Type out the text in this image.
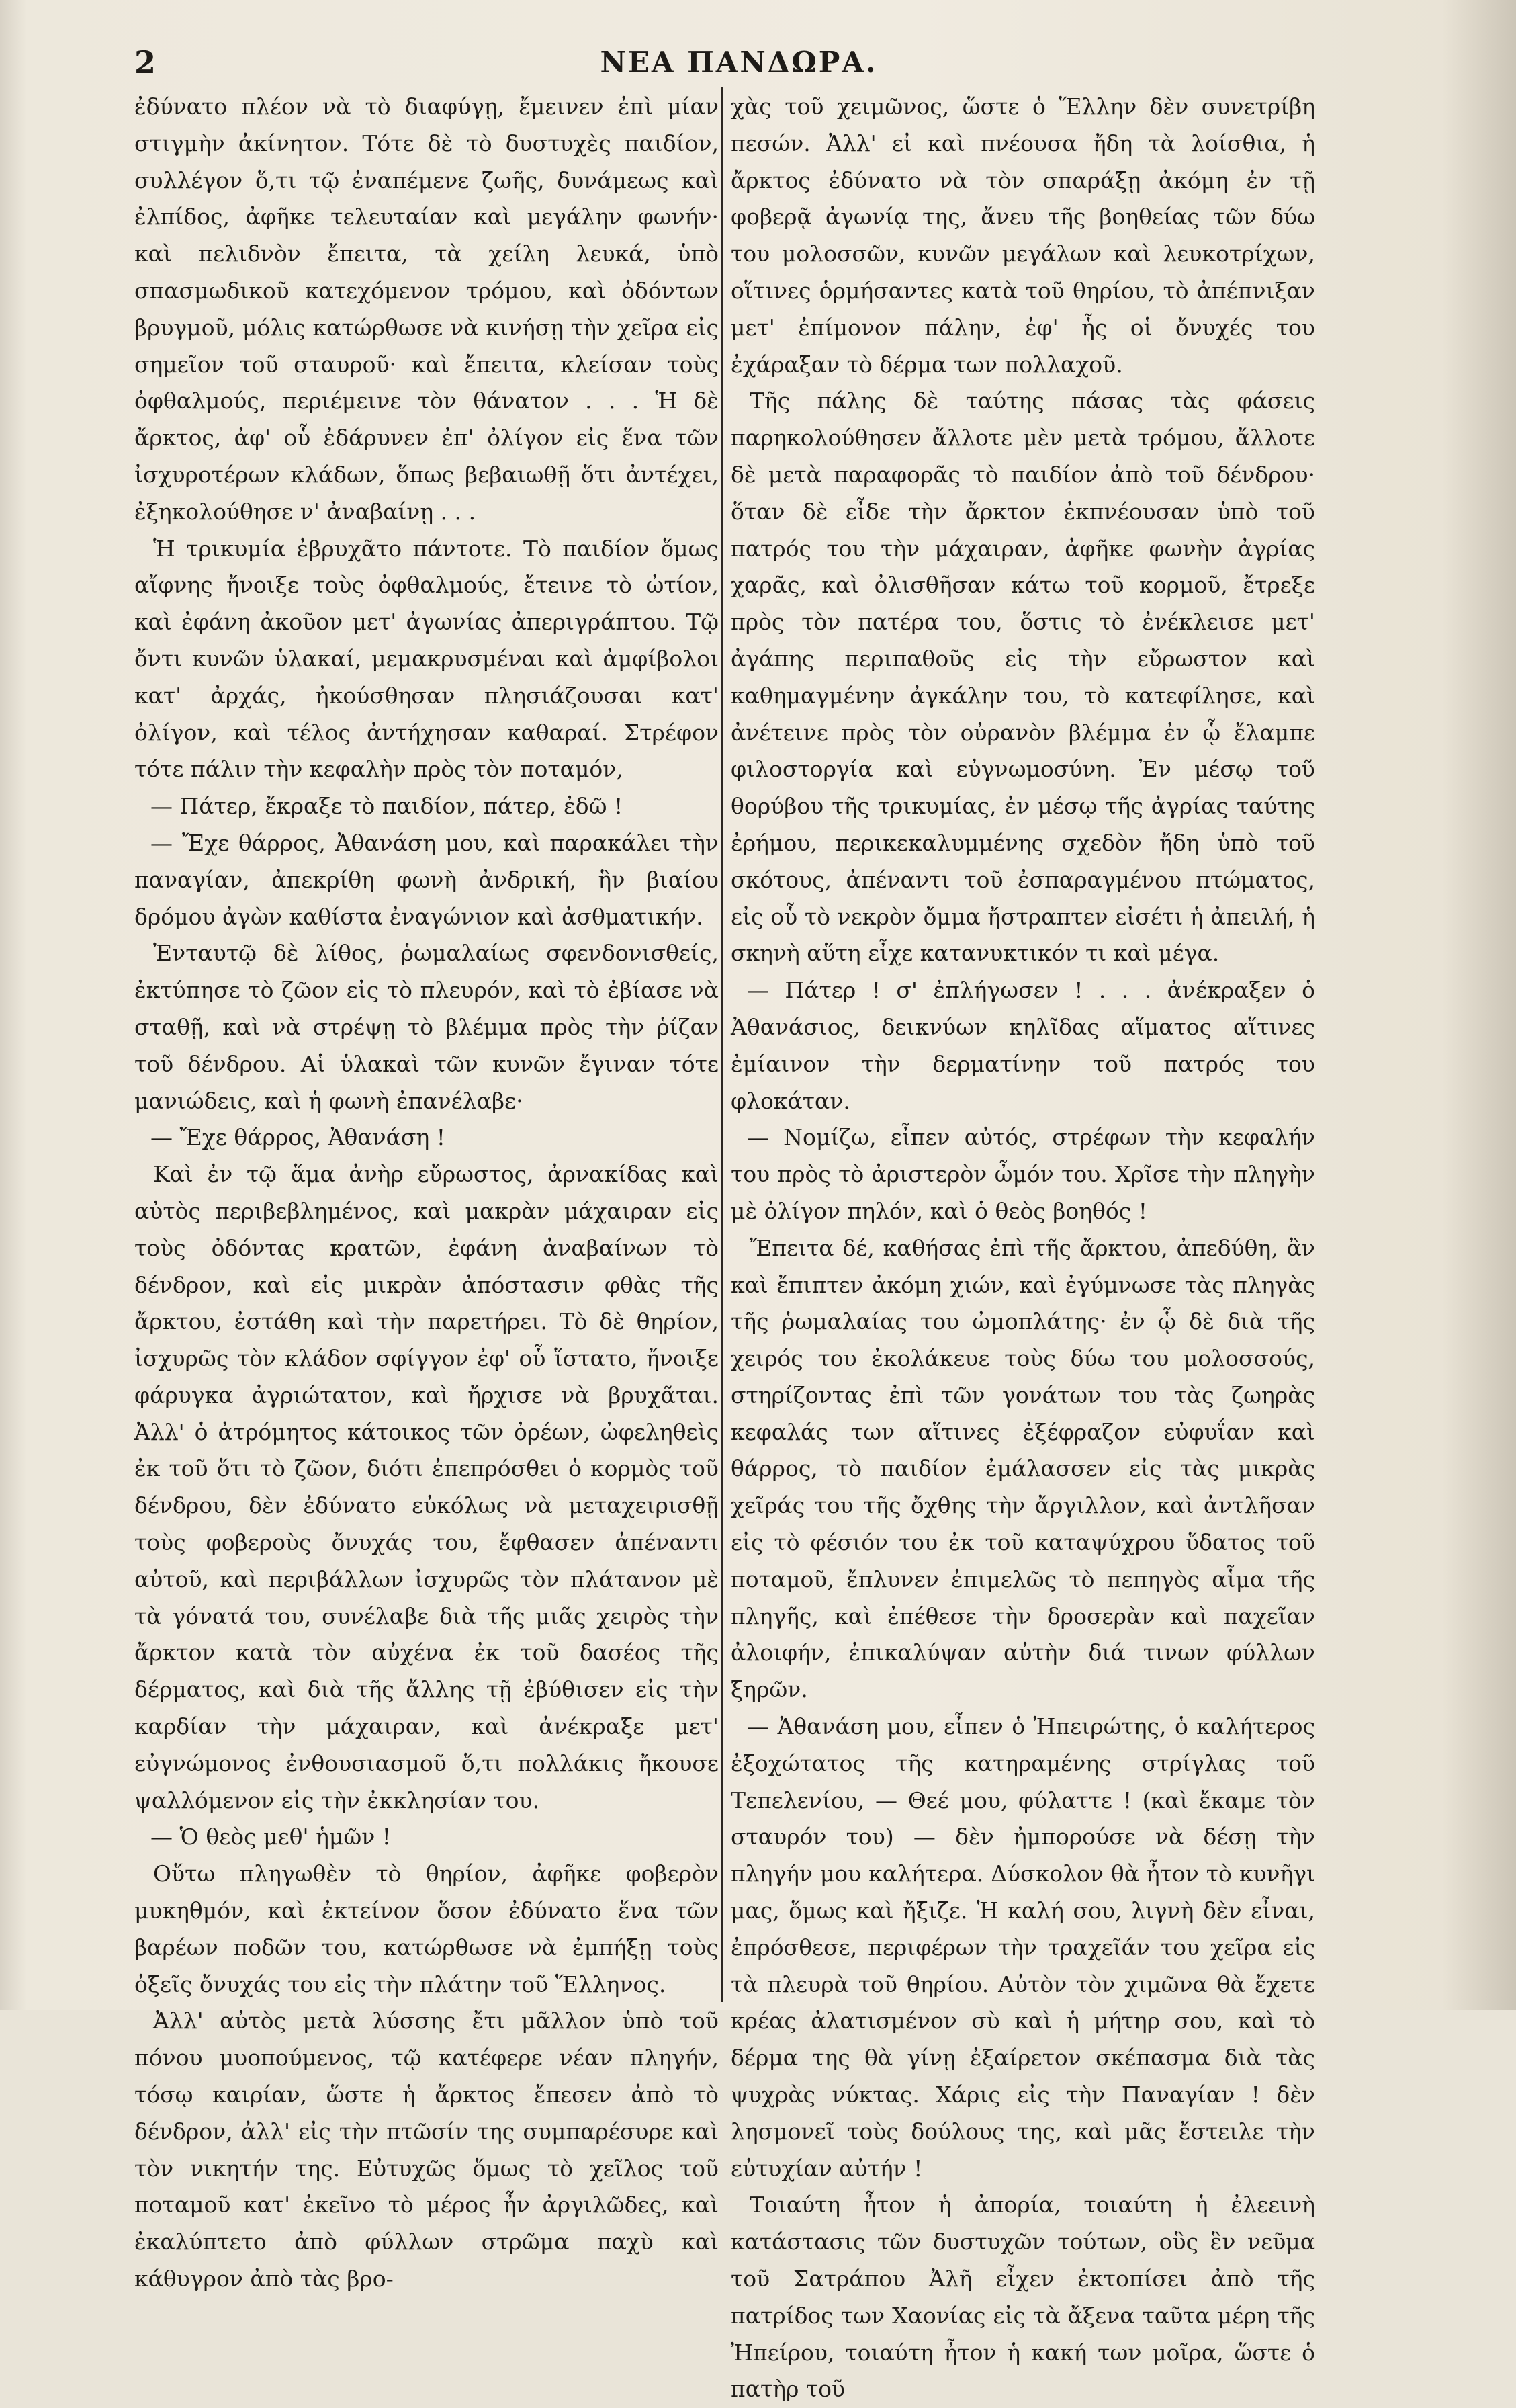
2	ΝΕΑ ΠΑΝΔΩΡΑ.

ἐδύνατο πλέον νὰ τὸ διαφύγῃ, ἔμεινεν ἐπὶ μίαν στιγμὴν ἀκίνητον. Τότε δὲ τὸ δυστυχὲς παιδίον, συλλέγον ὅ,τι τῷ ἐναπέμενε ζωῆς, δυνάμεως καὶ ἐλπίδος, ἀφῆκε τελευταίαν καὶ μεγάλην φωνήν· καὶ πελιδνὸν ἔπειτα, τὰ χείλη λευκά, ὑπὸ σπασμωδικοῦ κατεχόμενον τρόμου, καὶ ὀδόντων βρυγμοῦ, μόλις κατώρθωσε νὰ κινήσῃ τὴν χεῖρα εἰς σημεῖον τοῦ σταυροῦ· καὶ ἔπειτα, κλείσαν τοὺς ὀφθαλμούς, περιέμεινε τὸν θάνατον . . . Ἡ δὲ ἄρκτος, ἀφ' οὗ ἐδάρυνεν ἐπ' ὀλίγον εἰς ἕνα τῶν ἰσχυροτέρων κλάδων, ὅπως βεβαιωθῇ ὅτι ἀντέχει, ἐξηκολούθησε ν' ἀναβαίνῃ . . .

Ἡ τρικυμία ἐβρυχᾶτο πάντοτε. Τὸ παιδίον ὅμως αἴφνης ἤνοιξε τοὺς ὀφθαλμούς, ἔτεινε τὸ ὠτίον, καὶ ἐφάνη ἀκοῦον μετ' ἀγωνίας ἀπεριγράπτου. Τῷ ὄντι κυνῶν ὑλακαί, μεμακρυσμέναι καὶ ἀμφίβολοι κατ' ἀρχάς, ἠκούσθησαν πλησιάζουσαι κατ' ὀλίγον, καὶ τέλος ἀντήχησαν καθαραί. Στρέφον τότε πάλιν τὴν κεφαλὴν πρὸς τὸν ποταμόν,

— Πάτερ, ἔκραξε τὸ παιδίον, πάτερ, ἐδῶ !

— Ἔχε θάρρος, Ἀθανάση μου, καὶ παρακάλει τὴν παναγίαν, ἀπεκρίθη φωνὴ ἀνδρική, ἣν βιαίου δρόμου ἀγὼν καθίστα ἐναγώνιον καὶ ἀσθματικήν.

Ἐνταυτῷ δὲ λίθος, ῥωμαλαίως σφενδονισθείς, ἐκτύπησε τὸ ζῶον εἰς τὸ πλευρόν, καὶ τὸ ἐβίασε νὰ σταθῇ, καὶ νὰ στρέψῃ τὸ βλέμμα πρὸς τὴν ῥίζαν τοῦ δένδρου. Αἱ ὑλακαὶ τῶν κυνῶν ἔγιναν τότε μανιώδεις, καὶ ἡ φωνὴ ἐπανέλαβε·

— Ἔχε θάρρος, Ἀθανάση !

Καὶ ἐν τῷ ἅμα ἀνὴρ εὔρωστος, ἀρνακίδας καὶ αὐτὸς περιβεβλημένος, καὶ μακρὰν μάχαιραν εἰς τοὺς ὀδόντας κρατῶν, ἐφάνη ἀναβαίνων τὸ δένδρον, καὶ εἰς μικρὰν ἀπόστασιν φθὰς τῆς ἄρκτου, ἐστάθη καὶ τὴν παρετήρει. Τὸ δὲ θηρίον, ἰσχυρῶς τὸν κλάδον σφίγγον ἐφ' οὗ ἵστατο, ἤνοιξε φάρυγκα ἀγριώτατον, καὶ ἤρχισε νὰ βρυχᾶται. Ἀλλ' ὁ ἀτρόμητος κάτοικος τῶν ὀρέων, ὠφεληθεὶς ἐκ τοῦ ὅτι τὸ ζῶον, διότι ἐπεπρόσθει ὁ κορμὸς τοῦ δένδρου, δὲν ἐδύνατο εὐκόλως νὰ μεταχειρισθῇ τοὺς φοβεροὺς ὄνυχάς του, ἔφθασεν ἀπέναντι αὐτοῦ, καὶ περιβάλλων ἰσχυρῶς τὸν πλάτανον μὲ τὰ γόνατά του, συνέλαβε διὰ τῆς μιᾶς χειρὸς τὴν ἄρκτον κατὰ τὸν αὐχένα ἐκ τοῦ δασέος τῆς δέρματος, καὶ διὰ τῆς ἄλλης τῇ ἐβύθισεν εἰς τὴν καρδίαν τὴν μάχαιραν, καὶ ἀνέκραξε μετ' εὐγνώμονος ἐνθουσιασμοῦ ὅ,τι πολλάκις ἤκουσε ψαλλόμενον εἰς τὴν ἐκκλησίαν του.

— Ὁ θεὸς μεθ' ἡμῶν !

Οὕτω πληγωθὲν τὸ θηρίον, ἀφῆκε φοβερὸν μυκηθμόν, καὶ ἐκτείνον ὅσον ἐδύνατο ἕνα τῶν βαρέων ποδῶν του, κατώρθωσε νὰ ἐμπήξῃ τοὺς ὀξεῖς ὄνυχάς του εἰς τὴν πλάτην τοῦ Ἕλληνος.

Ἀλλ' αὐτὸς μετὰ λύσσης ἔτι μᾶλλον ὑπὸ τοῦ πόνου μυοπούμενος, τῷ κατέφερε νέαν πληγήν, τόσῳ καιρίαν, ὥστε ἡ ἄρκτος ἔπεσεν ἀπὸ τὸ δένδρον, ἀλλ' εἰς τὴν πτῶσίν της συμπαρέσυρε καὶ τὸν νικητήν της. Εὐτυχῶς ὅμως τὸ χεῖλος τοῦ ποταμοῦ κατ' ἐκεῖνο τὸ μέρος ἦν ἀργιλῶδες, καὶ ἐκαλύπτετο ἀπὸ φύλλων στρῶμα παχὺ καὶ κάθυγρον ἀπὸ τὰς βρο-

χὰς τοῦ χειμῶνος, ὥστε ὁ Ἕλλην δὲν συνετρίβη πεσών. Ἀλλ' εἰ καὶ πνέουσα ἤδη τὰ λοίσθια, ἡ ἄρκτος ἐδύνατο νὰ τὸν σπαράξῃ ἀκόμη ἐν τῇ φοβερᾷ ἀγωνίᾳ της, ἄνευ τῆς βοηθείας τῶν δύω του μολοσσῶν, κυνῶν μεγάλων καὶ λευκοτρίχων, οἵτινες ὁρμήσαντες κατὰ τοῦ θηρίου, τὸ ἀπέπνιξαν μετ' ἐπίμονον πάλην, ἐφ' ἧς οἱ ὄνυχές του ἐχάραξαν τὸ δέρμα των πολλαχοῦ.

Τῆς πάλης δὲ ταύτης πάσας τὰς φάσεις παρηκολούθησεν ἄλλοτε μὲν μετὰ τρόμου, ἄλλοτε δὲ μετὰ παραφορᾶς τὸ παιδίον ἀπὸ τοῦ δένδρου· ὅταν δὲ εἶδε τὴν ἄρκτον ἐκπνέουσαν ὑπὸ τοῦ πατρός του τὴν μάχαιραν, ἀφῆκε φωνὴν ἀγρίας χαρᾶς, καὶ ὀλισθῆσαν κάτω τοῦ κορμοῦ, ἔτρεξε πρὸς τὸν πατέρα του, ὅστις τὸ ἐνέκλεισε μετ' ἀγάπης περιπαθοῦς εἰς τὴν εὔρωστον καὶ καθημαγμένην ἀγκάλην του, τὸ κατεφίλησε, καὶ ἀνέτεινε πρὸς τὸν οὐρανὸν βλέμμα ἐν ᾧ ἔλαμπε φιλοστοργία καὶ εὐγνωμοσύνη. Ἐν μέσῳ τοῦ θορύβου τῆς τρικυμίας, ἐν μέσῳ τῆς ἀγρίας ταύτης ἐρήμου, περικεκαλυμμένης σχεδὸν ἤδη ὑπὸ τοῦ σκότους, ἀπέναντι τοῦ ἐσπαραγμένου πτώματος, εἰς οὗ τὸ νεκρὸν ὄμμα ἤστραπτεν εἰσέτι ἡ ἀπειλή, ἡ σκηνὴ αὕτη εἶχε κατανυκτικόν τι καὶ μέγα.

— Πάτερ ! σ' ἐπλήγωσεν ! . . . ἀνέκραξεν ὁ Ἀθανάσιος, δεικνύων κηλῖδας αἵματος αἵτινες ἐμίαινον τὴν δερματίνην τοῦ πατρός του φλοκάταν.

— Νομίζω, εἶπεν αὐτός, στρέφων τὴν κεφαλήν του πρὸς τὸ ἀριστερὸν ὦμόν του. Χρῖσε τὴν πληγὴν μὲ ὀλίγον πηλόν, καὶ ὁ θεὸς βοηθός !

Ἔπειτα δέ, καθήσας ἐπὶ τῆς ἄρκτου, ἀπεδύθη, ἂν καὶ ἔπιπτεν ἀκόμη χιών, καὶ ἐγύμνωσε τὰς πληγὰς τῆς ῥωμαλαίας του ὠμοπλάτης· ἐν ᾧ δὲ διὰ τῆς χειρός του ἐκολάκευε τοὺς δύω του μολοσσούς, στηρίζοντας ἐπὶ τῶν γονάτων του τὰς ζωηρὰς κεφαλάς των αἵτινες ἐξέφραζον εὐφυΐαν καὶ θάρρος, τὸ παιδίον ἐμάλασσεν εἰς τὰς μικρὰς χεῖράς του τῆς ὄχθης τὴν ἄργιλλον, καὶ ἀντλῆσαν εἰς τὸ φέσιόν του ἐκ τοῦ καταψύχρου ὕδατος τοῦ ποταμοῦ, ἔπλυνεν ἐπιμελῶς τὸ πεπηγὸς αἷμα τῆς πληγῆς, καὶ ἐπέθεσε τὴν δροσερὰν καὶ παχεῖαν ἀλοιφήν, ἐπικαλύψαν αὐτὴν διά τινων φύλλων ξηρῶν.

— Ἀθανάση μου, εἶπεν ὁ Ἠπειρώτης, ὁ καλήτερος ἐξοχώτατος τῆς κατηραμένης στρίγλας τοῦ Τεπελενίου, — Θεέ μου, φύλαττε ! (καὶ ἔκαμε τὸν σταυρόν του) — δὲν ἠμπορούσε νὰ δέσῃ τὴν πληγήν μου καλήτερα. Δύσκολον θὰ ἦτον τὸ κυνῆγι μας, ὅμως καὶ ἤξιζε. Ἡ καλή σου, λιγνὴ δὲν εἶναι, ἐπρόσθεσε, περιφέρων τὴν τραχεῖάν του χεῖρα εἰς τὰ πλευρὰ τοῦ θηρίου. Αὐτὸν τὸν χιμῶνα θὰ ἔχετε κρέας ἀλατισμένον σὺ καὶ ἡ μήτηρ σου, καὶ τὸ δέρμα της θὰ γίνῃ ἐξαίρετον σκέπασμα διὰ τὰς ψυχρὰς νύκτας. Χάρις εἰς τὴν Παναγίαν ! δὲν λησμονεῖ τοὺς δούλους της, καὶ μᾶς ἔστειλε τὴν εὐτυχίαν αὐτήν !

Τοιαύτη ἦτον ἡ ἀπορία, τοιαύτη ἡ ἐλεεινὴ κατάστασις τῶν δυστυχῶν τούτων, οὓς ἓν νεῦμα τοῦ Σατράπου Ἀλῆ εἶχεν ἐκτοπίσει ἀπὸ τῆς πατρίδος των Χαονίας εἰς τὰ ἄξενα ταῦτα μέρη τῆς Ἠπείρου, τοιαύτη ἦτον ἡ κακή των μοῖρα, ὥστε ὁ πατὴρ τοῦ
